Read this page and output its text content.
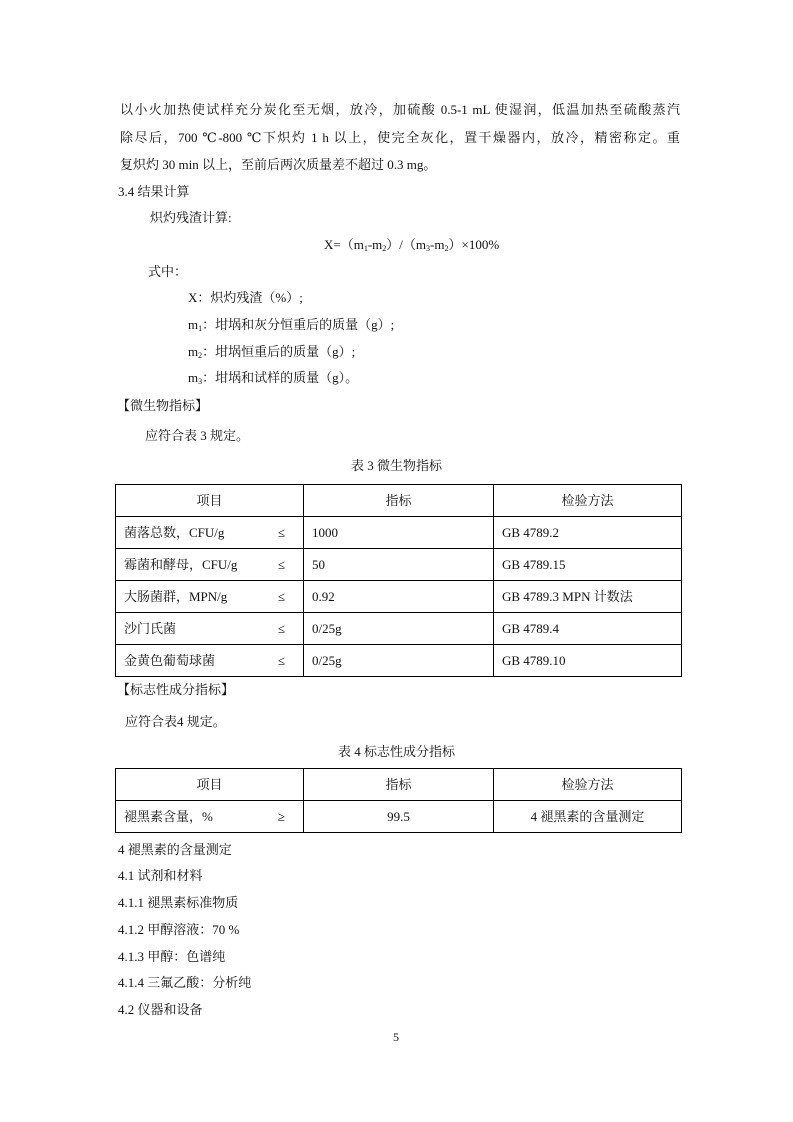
以小火加热使试样充分炭化至无烟，放冷，加硫酸 0.5-1 mL 使湿润，低温加热至硫酸蒸汽
除尽后，700 ℃-800 ℃下炽灼 1 h 以上，使完全灰化，置干燥器内，放冷，精密称定。重
复炽灼 30 min 以上，至前后两次质量差不超过 0.3 mg。
3.4 结果计算
炽灼残渣计算:
$X=(m_1-m_2)/(m_3-m_2)\times 100\%$
式中：
X：炽灼残渣（%）;
$m_1$：坩埚和灰分恒重后的质量（g）;
$m_2$：坩埚恒重后的质量（g）;
$m_3$：坩埚和试样的质量（g）。
【微生物指标】
应符合表 3 规定。
表 3 微生物指标
项目	指标	检验方法

菌落总数，CFU/g ≤	1000	GB 4789.2

霉菌和酵母，CFU/g ≤	50	GB 4789.15

大肠菌群，MPN/g ≤	0.92	GB 4789.3 MPN 计数法

沙门氏菌 ≤	0/25g	GB 4789.4

金黄色葡萄球菌 ≤	0/25g	GB 4789.10
【标志性成分指标】
应符合表4 规定。
表 4 标志性成分指标
项目	指标	检验方法

褪黑素含量，% ≥	99.5	4 褪黑素的含量测定
4 褪黑素的含量测定
4.1 试剂和材料
4.1.1 褪黑素标准物质
4.1.2 甲醇溶液：70 %
4.1.3 甲醇：色谱纯
4.1.4 三氟乙酸：分析纯
4.2 仪器和设备
5
